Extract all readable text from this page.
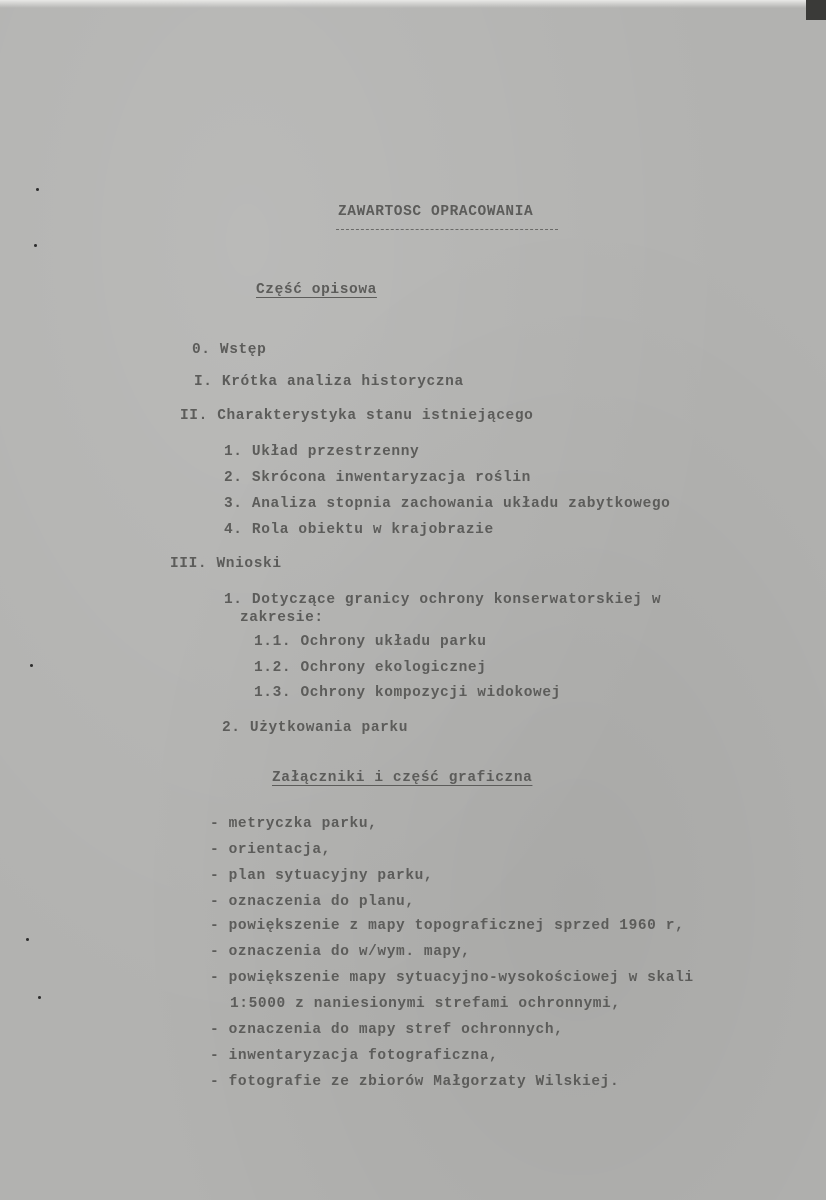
ZAWARTOSC OPRACOWANIA
Część opisowa
0. Wstęp
I. Krótka analiza historyczna
II. Charakterystyka stanu istniejącego
1. Układ przestrzenny
2. Skrócona inwentaryzacja roślin
3. Analiza stopnia zachowania układu zabytkowego
4. Rola obiektu w krajobrazie
III. Wnioski
1. Dotyczące granicy ochrony konserwatorskiej w
zakresie:
1.1. Ochrony układu parku
1.2. Ochrony ekologicznej
1.3. Ochrony kompozycji widokowej
2. Użytkowania parku
Załączniki i część graficzna
- metryczka parku,
- orientacja,
- plan sytuacyjny parku,
- oznaczenia do planu,
- powiększenie z mapy topograficznej sprzed 1960 r,
- oznaczenia do w/wym. mapy,
- powiększenie mapy sytuacyjno-wysokościowej w skali
1:5000 z naniesionymi strefami ochronnymi,
- oznaczenia do mapy stref ochronnych,
- inwentaryzacja fotograficzna,
- fotografie ze zbiorów Małgorzaty Wilskiej.
